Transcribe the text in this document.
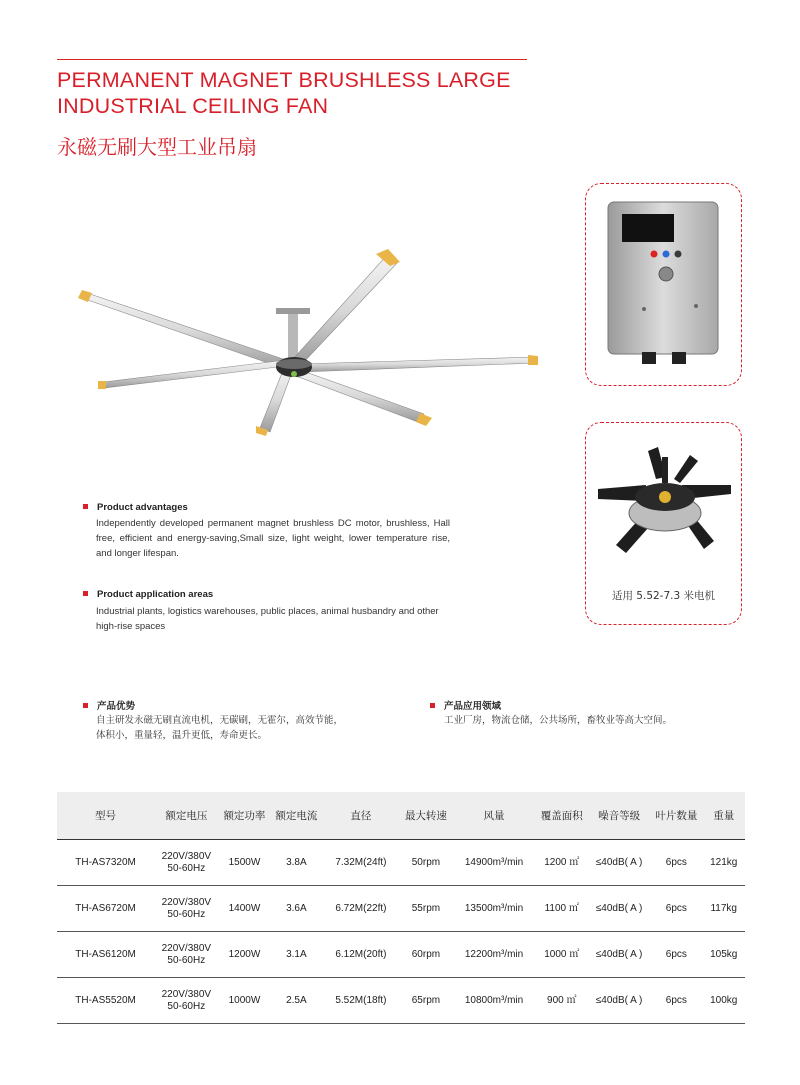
PERMANENT MAGNET BRUSHLESS LARGE
INDUSTRIAL CEILING FAN
永磁无刷大型工业吊扇
适用 5.52-7.3 米电机
Product advantages
Independently developed permanent magnet brushless DC motor, brushless, Hall free, efficient and energy-saving,Small size, light weight, lower temperature rise, and longer lifespan.
Product application areas
Industrial plants, logistics warehouses, public places, animal husbandry and other high-rise spaces
产品优势
自主研发永磁无刷直流电机，无碳刷，无霍尔，高效节能，
体积小，重量轻，温升更低，寿命更长。
产品应用领域
工业厂房，物流仓储，公共场所，畜牧业等高大空间。
型号	额定电压	额定功率	额定电流	直径	最大转速	风量	覆盖面积	噪音等级	叶片数量	重量
TH-AS7320M	220V/380V
50-60Hz	1500W	3.8A	7.32M(24ft)	50rpm	14900m³/min	1200 ㎡	≤40dB( A )	6pcs	121kg
TH-AS6720M	220V/380V
50-60Hz	1400W	3.6A	6.72M(22ft)	55rpm	13500m³/min	1100 ㎡	≤40dB( A )	6pcs	117kg
TH-AS6120M	220V/380V
50-60Hz	1200W	3.1A	6.12M(20ft)	60rpm	12200m³/min	1000 ㎡	≤40dB( A )	6pcs	105kg
TH-AS5520M	220V/380V
50-60Hz	1000W	2.5A	5.52M(18ft)	65rpm	10800m³/min	900 ㎡	≤40dB( A )	6pcs	100kg
